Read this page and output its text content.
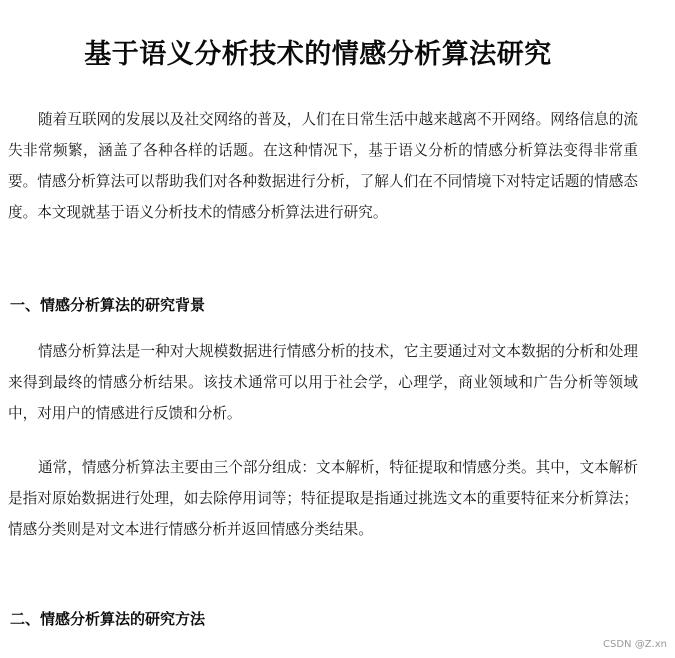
基于语义分析技术的情感分析算法研究

随着互联网的发展以及社交网络的普及，人们在日常生活中越来越离不开网络。网络信息的流失非常频繁，涵盖了各种各样的话题。在这种情况下，基于语义分析的情感分析算法变得非常重要。情感分析算法可以帮助我们对各种数据进行分析，了解人们在不同情境下对特定话题的情感态度。本文现就基于语义分析技术的情感分析算法进行研究。

一、情感分析算法的研究背景

情感分析算法是一种对大规模数据进行情感分析的技术，它主要通过对文本数据的分析和处理来得到最终的情感分析结果。该技术通常可以用于社会学，心理学，商业领域和广告分析等领域中，对用户的情感进行反馈和分析。

通常，情感分析算法主要由三个部分组成：文本解析，特征提取和情感分类。其中，文本解析是指对原始数据进行处理，如去除停用词等；特征提取是指通过挑选文本的重要特征来分析算法；情感分类则是对文本进行情感分析并返回情感分类结果。

二、情感分析算法的研究方法
CSDN @Z.xn
